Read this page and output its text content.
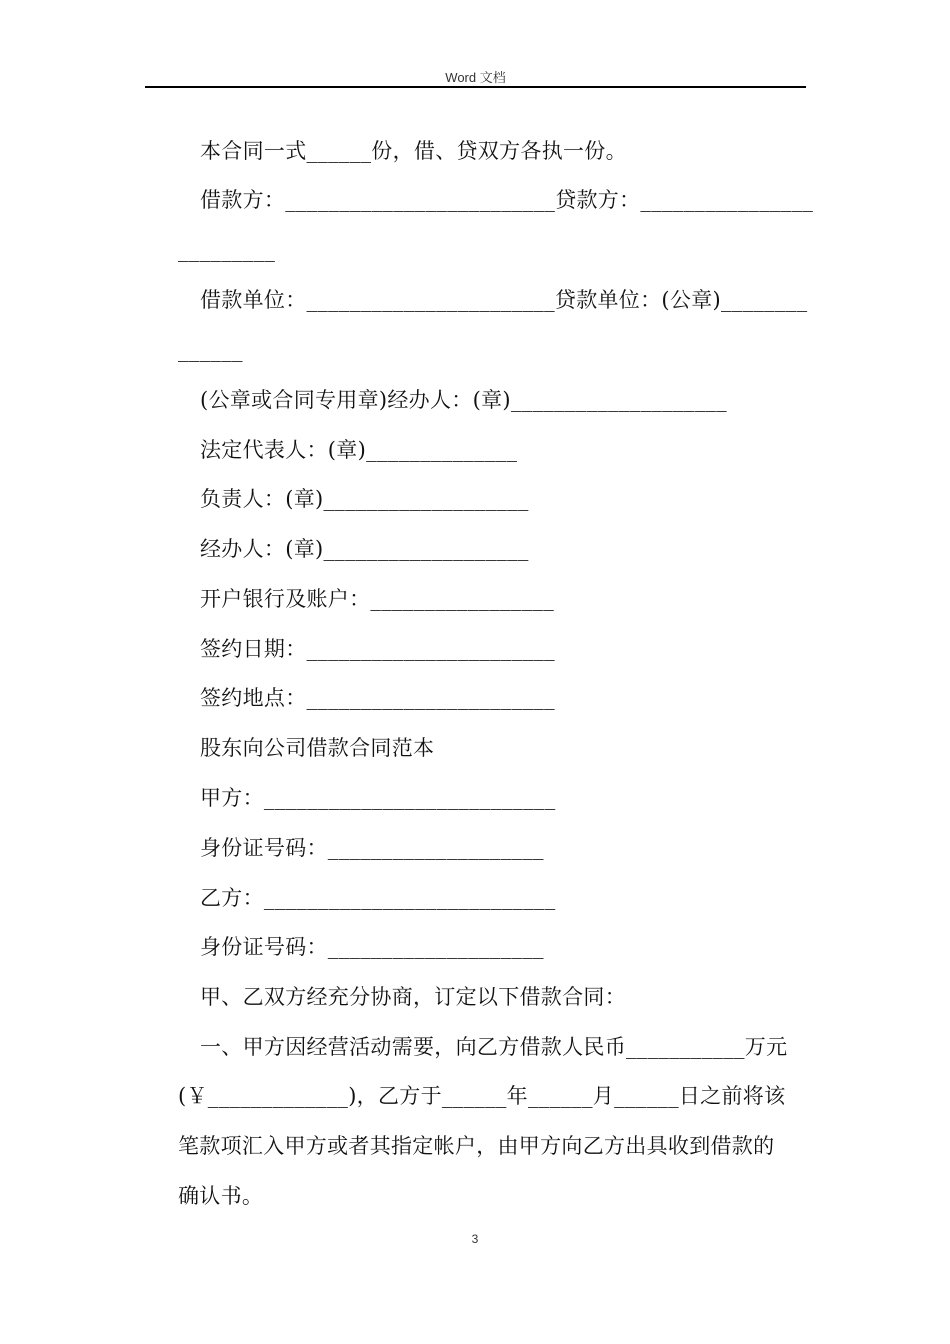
Word 文档
本合同一式______份，借、贷双方各执一份。
借款方：_________________________贷款方：________________
_________
借款单位：_______________________贷款单位：(公章)________
______
(公章或合同专用章)经办人：(章)____________________
法定代表人：(章)______________
负责人：(章)___________________
经办人：(章)___________________
开户银行及账户：_________________
签约日期：_______________________
签约地点：_______________________
股东向公司借款合同范本
甲方：___________________________
身份证号码：____________________
乙方：___________________________
身份证号码：____________________
甲、乙双方经充分协商，订定以下借款合同：
一、甲方因经营活动需要，向乙方借款人民币___________万元
(￥_____________)，乙方于______年______月______日之前将该
笔款项汇入甲方或者其指定帐户，由甲方向乙方出具收到借款的
确认书。
3
